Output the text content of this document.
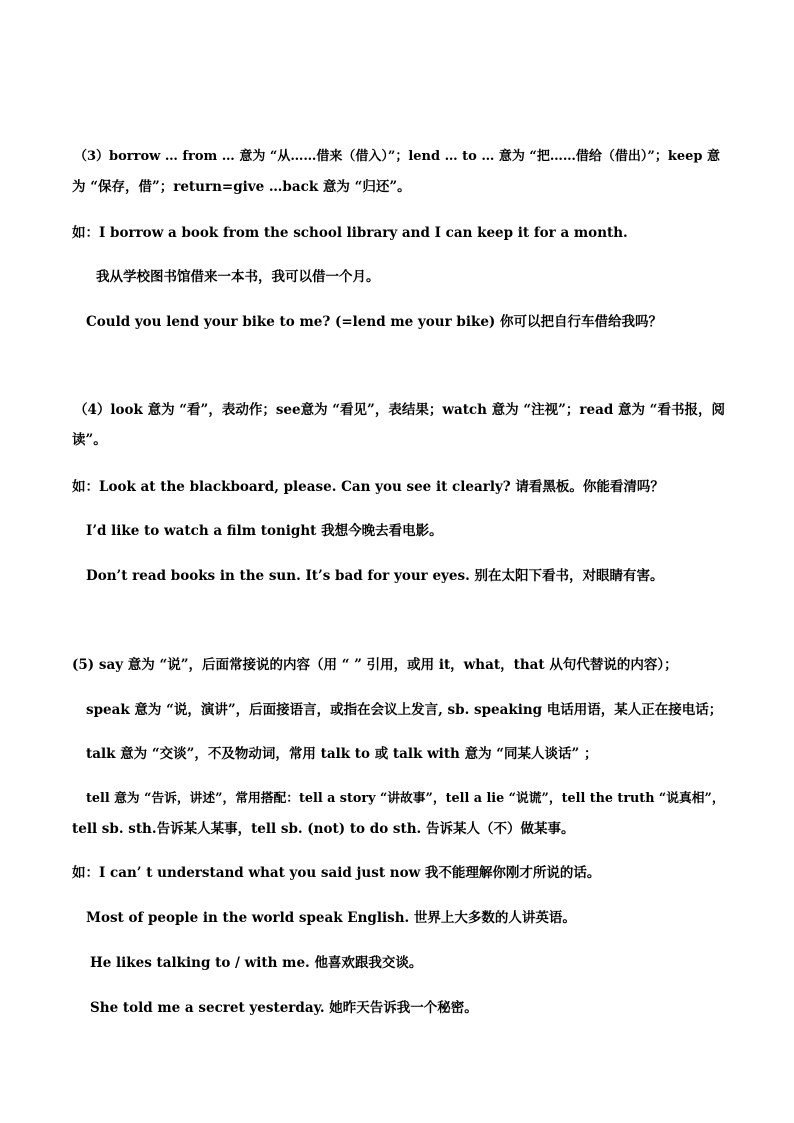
（3）borrow … from … 意为 “从……借来（借入）”；lend … to … 意为 “把……借给（借出）”；keep 意
为 “保存，借”；return=give …back 意为 “归还”。
如：I borrow a book from the school library and I can keep it for a month.
我从学校图书馆借来一本书，我可以借一个月。
Could you lend your bike to me? (=lend me your bike) 你可以把自行车借给我吗？
（4）look 意为 “看”，表动作；see意为 “看见”，表结果；watch 意为 “注视”；read 意为 “看书报，阅
读”。
如：Look at the blackboard, please. Can you see it clearly? 请看黑板。你能看清吗？
I’d like to watch a film tonight 我想今晚去看电影。
Don’t read books in the sun. It’s bad for your eyes. 别在太阳下看书，对眼睛有害。
(5) say 意为 “说”，后面常接说的内容（用 “ ” 引用，或用 it，what，that 从句代替说的内容）；
speak 意为 “说，演讲”，后面接语言，或指在会议上发言, sb. speaking 电话用语，某人正在接电话；
talk 意为 “交谈”，不及物动词，常用 talk to 或 talk with 意为 “同某人谈话” ；
tell 意为 “告诉，讲述”，常用搭配：tell a story “讲故事”，tell a lie “说谎”，tell the truth “说真相”，
tell sb. sth.告诉某人某事，tell sb. (not) to do sth. 告诉某人（不）做某事。
如：I can’ t understand what you said just now 我不能理解你刚才所说的话。
Most of people in the world speak English. 世界上大多数的人讲英语。
He likes talking to / with me. 他喜欢跟我交谈。
She told me a secret yesterday. 她昨天告诉我一个秘密。
